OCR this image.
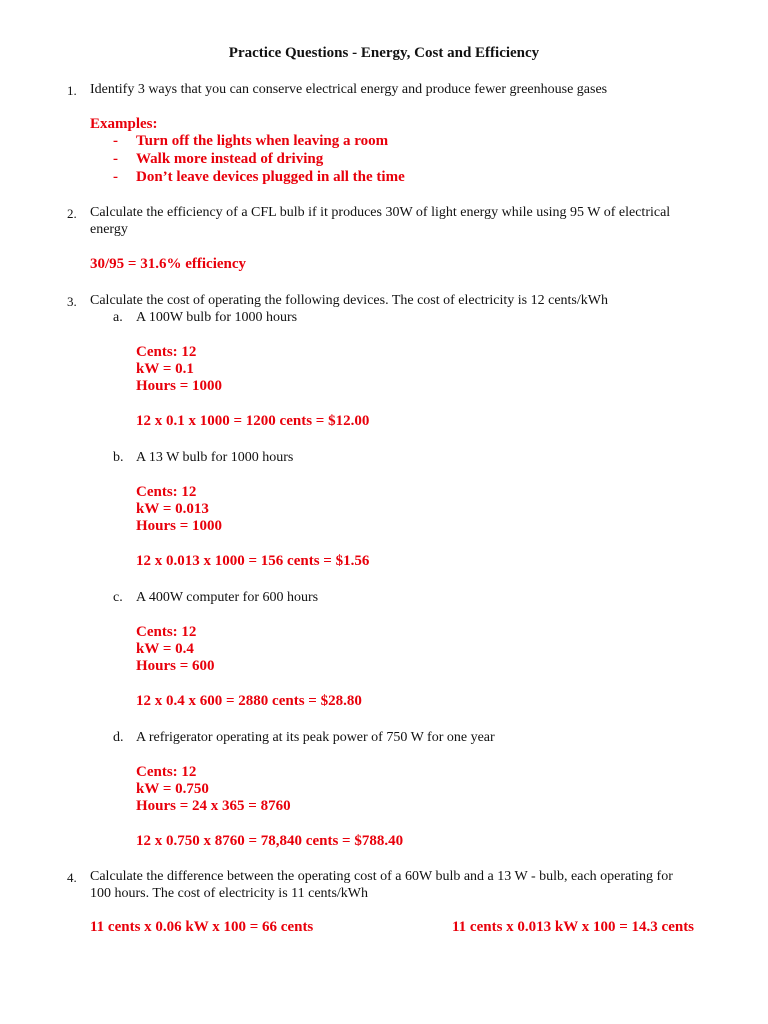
Practice Questions - Energy, Cost and Efficiency
1. Identify 3 ways that you can conserve electrical energy and produce fewer greenhouse gases
Examples:
- Turn off the lights when leaving a room
- Walk more instead of driving
- Don’t leave devices plugged in all the time
2. Calculate the efficiency of a CFL bulb if it produces 30W of light energy while using 95 W of electrical
energy
30/95 = 31.6% efficiency
3. Calculate the cost of operating the following devices. The cost of electricity is 12 cents/kWh
a. A 100W bulb for 1000 hours
Cents: 12
kW = 0.1
Hours = 1000
12 x 0.1 x 1000 = 1200 cents = $12.00
b. A 13 W bulb for 1000 hours
Cents: 12
kW = 0.013
Hours = 1000
12 x 0.013 x 1000 = 156 cents = $1.56
c. A 400W computer for 600 hours
Cents: 12
kW = 0.4
Hours = 600
12 x 0.4 x 600 = 2880 cents = $28.80
d. A refrigerator operating at its peak power of 750 W for one year
Cents: 12
kW = 0.750
Hours = 24 x 365 = 8760
12 x 0.750 x 8760 = 78,840 cents = $788.40
4. Calculate the difference between the operating cost of a 60W bulb and a 13 W - bulb, each operating for
100 hours. The cost of electricity is 11 cents/kWh
11 cents x 0.06 kW x 100 = 66 cents	11 cents x 0.013 kW x 100 = 14.3 cents
